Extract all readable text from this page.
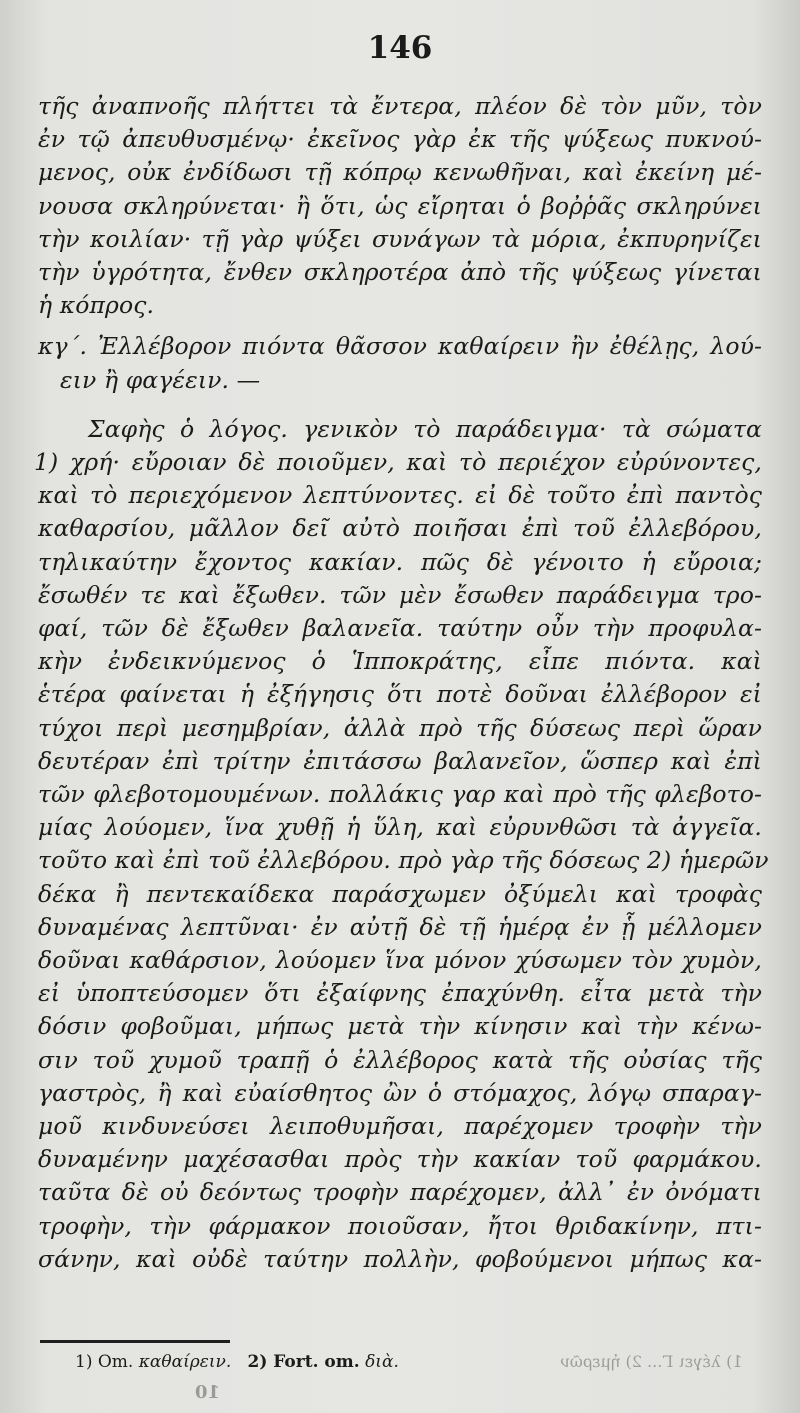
146
τῆς ἀναπνοῆς πλήττει τὰ ἔντερα, πλέον δὲ τὸν μῦν, τὸν
ἐν τῷ ἀπευθυσμένῳ· ἐκεῖνος γὰρ ἐκ τῆς ψύξεως πυκνού-
μενος, οὐκ ἐνδίδωσι τῇ κόπρῳ κενωθῆναι, καὶ ἐκείνη μέ-
νουσα σκληρύνεται· ἢ ὅτι, ὡς εἴρηται ὁ βοῤῥᾶς σκληρύνει
τὴν κοιλίαν· τῇ γὰρ ψύξει συνάγων τὰ μόρια, ἐκπυρηνίζει
τὴν ὑγρότητα, ἔνθεν σκληροτέρα ἀπὸ τῆς ψύξεως γίνεται
ἡ κόπρος.
κγ΄. Ἐλλέβορον πιόντα θᾶσσον καθαίρειν ἢν ἐθέλῃς, λού-
ειν ἢ φαγέειν. —
Σαφὴς ὁ λόγος. γενικὸν τὸ παράδειγμα· τὰ σώματα
1) χρή· εὔροιαν δὲ ποιοῦμεν, καὶ τὸ περιέχον εὐρύνοντες,
καὶ τὸ περιεχόμενον λεπτύνοντες. εἰ δὲ τοῦτο ἐπὶ παντὸς
καθαρσίου, μᾶλλον δεῖ αὐτὸ ποιῆσαι ἐπὶ τοῦ ἐλλεβόρου,
τηλικαύτην ἔχοντος κακίαν. πῶς δὲ γένοιτο ἡ εὔροια;
ἔσωθέν τε καὶ ἔξωθεν. τῶν μὲν ἔσωθεν παράδειγμα τρο-
φαί, τῶν δὲ ἔξωθεν βαλανεῖα. ταύτην οὖν τὴν προφυλα-
κὴν ἐνδεικνύμενος ὁ Ἱπποκράτης, εἶπε πιόντα. καὶ
ἑτέρα φαίνεται ἡ ἐξήγησις ὅτι ποτὲ δοῦναι ἐλλέβορον εἰ
τύχοι περὶ μεσημβρίαν, ἀλλὰ πρὸ τῆς δύσεως περὶ ὥραν
δευτέραν ἐπὶ τρίτην ἐπιτάσσω βαλανεῖον, ὥσπερ καὶ ἐπὶ
τῶν φλεβοτομουμένων. πολλάκις γαρ καὶ πρὸ τῆς φλεβοτο-
μίας λούομεν, ἵνα χυθῇ ἡ ὕλη, καὶ εὐρυνθῶσι τὰ ἀγγεῖα.
τοῦτο καὶ ἐπὶ τοῦ ἐλλεβόρου. πρὸ γὰρ τῆς δόσεως 2) ἡμερῶν
δέκα ἢ πεντεκαίδεκα παράσχωμεν ὀξύμελι καὶ τροφὰς
δυναμένας λεπτῦναι· ἐν αὐτῇ δὲ τῇ ἡμέρᾳ ἐν ᾗ μέλλομεν
δοῦναι καθάρσιον, λούομεν ἵνα μόνον χύσωμεν τὸν χυμὸν,
εἰ ὑποπτεύσομεν ὅτι ἐξαίφνης ἐπαχύνθη. εἶτα μετὰ τὴν
δόσιν φοβοῦμαι, μήπως μετὰ τὴν κίνησιν καὶ τὴν κένω-
σιν τοῦ χυμοῦ τραπῇ ὁ ἐλλέβορος κατὰ τῆς οὐσίας τῆς
γαστρὸς, ἢ καὶ εὐαίσθητος ὢν ὁ στόμαχος, λόγῳ σπαραγ-
μοῦ κινδυνεύσει λειποθυμῆσαι, παρέχομεν τροφὴν τὴν
δυναμένην μαχέσασθαι πρὸς τὴν κακίαν τοῦ φαρμάκου.
ταῦτα δὲ οὐ δεόντως τροφὴν παρέχομεν, ἀλλ᾽ ἐν ὀνόματι
τροφὴν, τὴν φάρμακον ποιοῦσαν, ἤτοι θριδακίνην, πτι-
σάνην, καὶ οὐδὲ ταύτην πολλὴν, φοβούμενοι μήπως κα-
1) Om. καθαίρειν. 2) Fort. om. διὰ.	1) λέγει Γ... 2) ἡμερῶν
10
